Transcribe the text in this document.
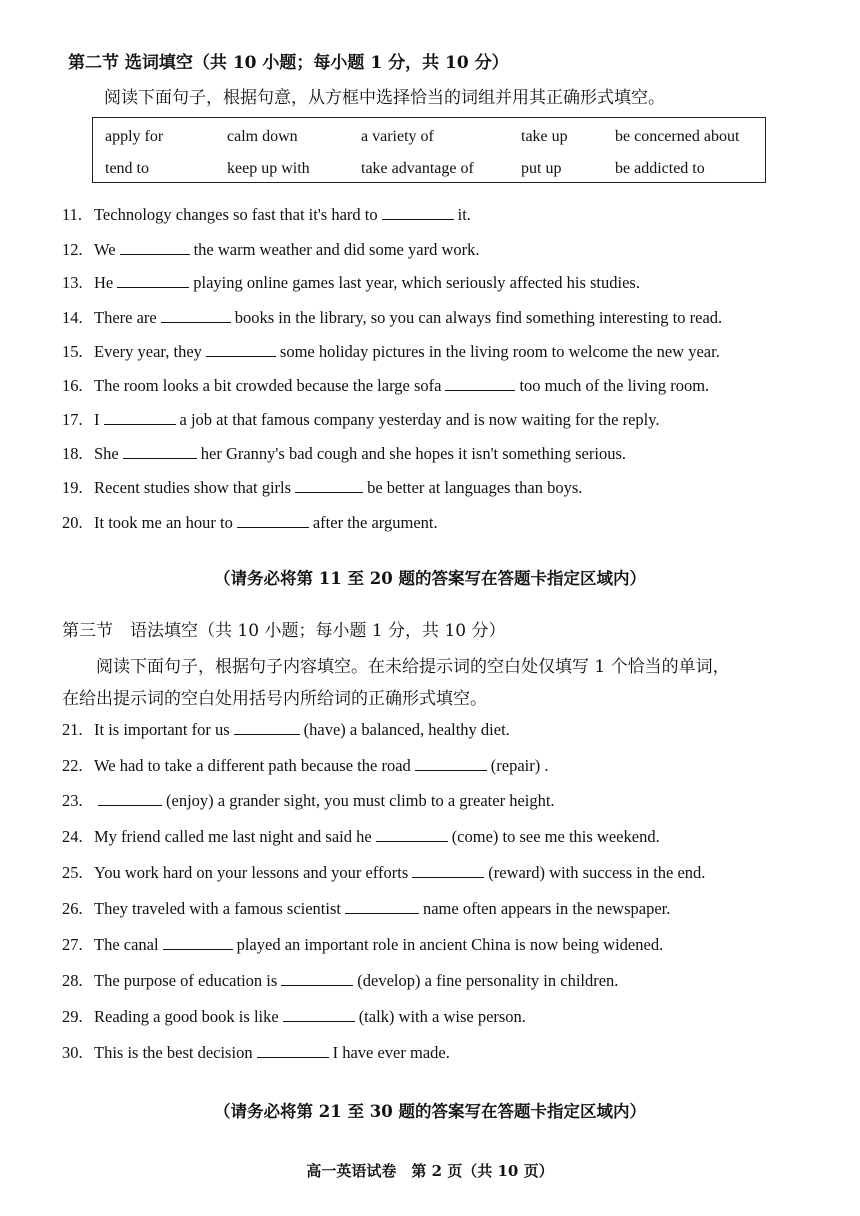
第二节 选词填空（共 10 小题；每小题 1 分，共 10 分）
阅读下面句子，根据句意，从方框中选择恰当的词组并用其正确形式填空。
apply for	calm down	a variety of	take up	be concerned about
tend to	keep up with	take advantage of	put up	be addicted to
11. Technology changes so fast that it's hard to	it.
12. We	the warm weather and did some yard work.
13. He	playing online games last year, which seriously affected his studies.
14. There are	books in the library, so you can always find something interesting to read.
15. Every year, they	some holiday pictures in the living room to welcome the new year.
16. The room looks a bit crowded because the large sofa	too much of the living room.
17. I	a job at that famous company yesterday and is now waiting for the reply.
18. She	her Granny's bad cough and she hopes it isn't something serious.
19. Recent studies show that girls	be better at languages than boys.
20. It took me an hour to	after the argument.
（请务必将第 11 至 20 题的答案写在答题卡指定区域内）
第三节　语法填空（共 10 小题；每小题 1 分，共 10 分）
阅读下面句子，根据句子内容填空。在未给提示词的空白处仅填写 1 个恰当的单词，
在给出提示词的空白处用括号内所给词的正确形式填空。
21. It is important for us	(have) a balanced, healthy diet.
22. We had to take a different path because the road	(repair) .
23.	(enjoy) a grander sight, you must climb to a greater height.
24. My friend called me last night and said he	(come) to see me this weekend.
25. You work hard on your lessons and your efforts	(reward) with success in the end.
26. They traveled with a famous scientist	name often appears in the newspaper.
27. The canal	played an important role in ancient China is now being widened.
28. The purpose of education is	(develop) a fine personality in children.
29. Reading a good book is like	(talk) with a wise person.
30. This is the best decision	I have ever made.
（请务必将第 21 至 30 题的答案写在答题卡指定区域内）
高一英语试卷　第 2 页（共 10 页）
